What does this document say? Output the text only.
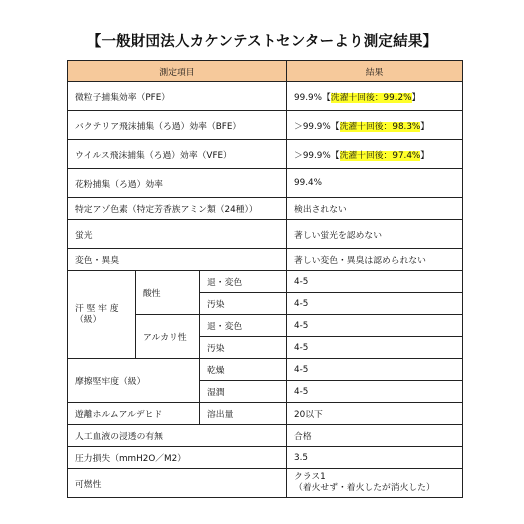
【一般財団法人カケンテストセンターより測定結果】
測定項目			結果
微粒子捕集効率（PFE）			99.9%【洗濯十回後：99.2%】
バクテリア飛沫捕集（ろ過）効率（BFE）			＞99.9%【洗濯十回後：98.3%】
ウイルス飛沫捕集（ろ過）効率（VFE）			＞99.9%【洗濯十回後：97.4%】
花粉捕集（ろ過）効率			99.4%
特定アゾ色素（特定芳香族アミン類（24種））			検出されない
蛍光			著しい蛍光を認めない
変色・異臭			著しい変色・異臭は認められない
汗 堅 牢 度
（級）	酸性	退・変色	4-5
		汚染	4-5
	アルカリ性	退・変色	4-5
		汚染	4-5
摩擦堅牢度（級）		乾燥	4-5
		湿潤	4-5
遊離ホルムアルデヒド		溶出量	20以下
人工血液の浸透の有無			合格
圧力損失（mmH2O／M2）			3.5
可燃性			クラス1
（着火せず・着火したが消火した）
